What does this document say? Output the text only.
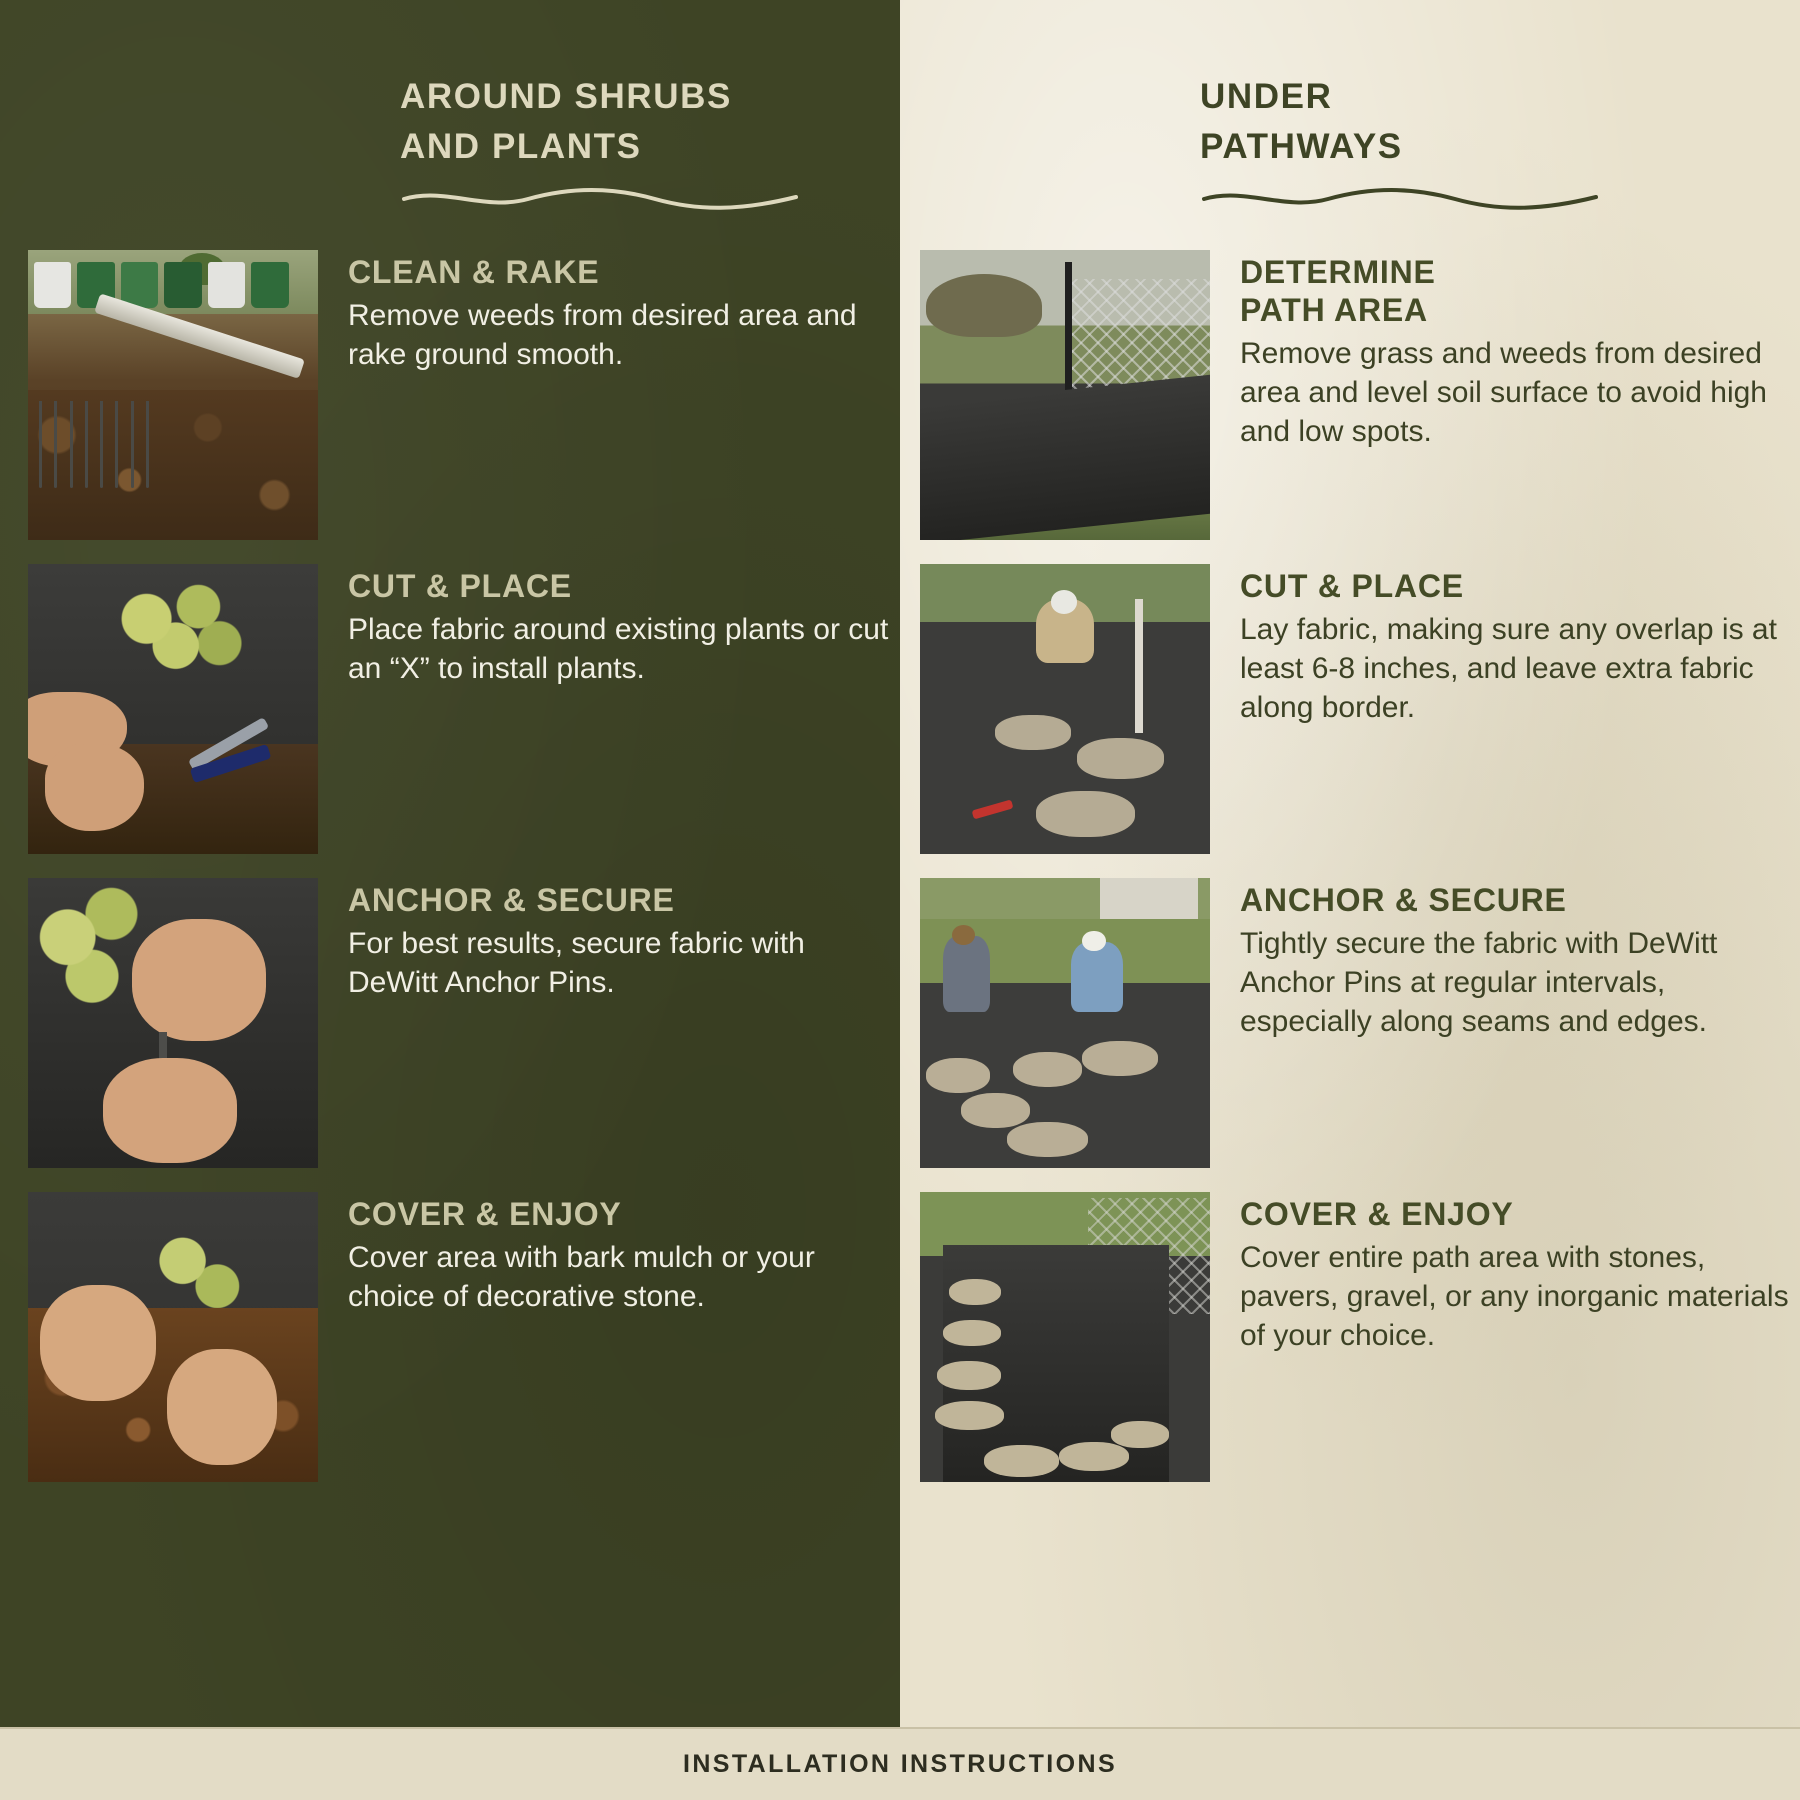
AROUND SHRUBS
AND PLANTS
CLEAN & RAKE
Remove weeds from desired area and rake ground smooth.
CUT & PLACE
Place fabric around existing plants or cut an “X” to install plants.
ANCHOR & SECURE
For best results, secure fabric with DeWitt Anchor Pins.
COVER & ENJOY
Cover area with bark mulch or your choice of decorative stone.
UNDER
PATHWAYS
DETERMINE
PATH AREA
Remove grass and weeds from desired area and level soil surface to avoid high and low spots.
CUT & PLACE
Lay fabric, making sure any overlap is at least 6-8 inches, and leave extra fabric along border.
ANCHOR & SECURE
Tightly secure the fabric with DeWitt Anchor Pins at regular intervals, especially along seams and edges.
COVER & ENJOY
Cover entire path area with stones, pavers, gravel, or any inorganic materials of your choice.
INSTALLATION INSTRUCTIONS
